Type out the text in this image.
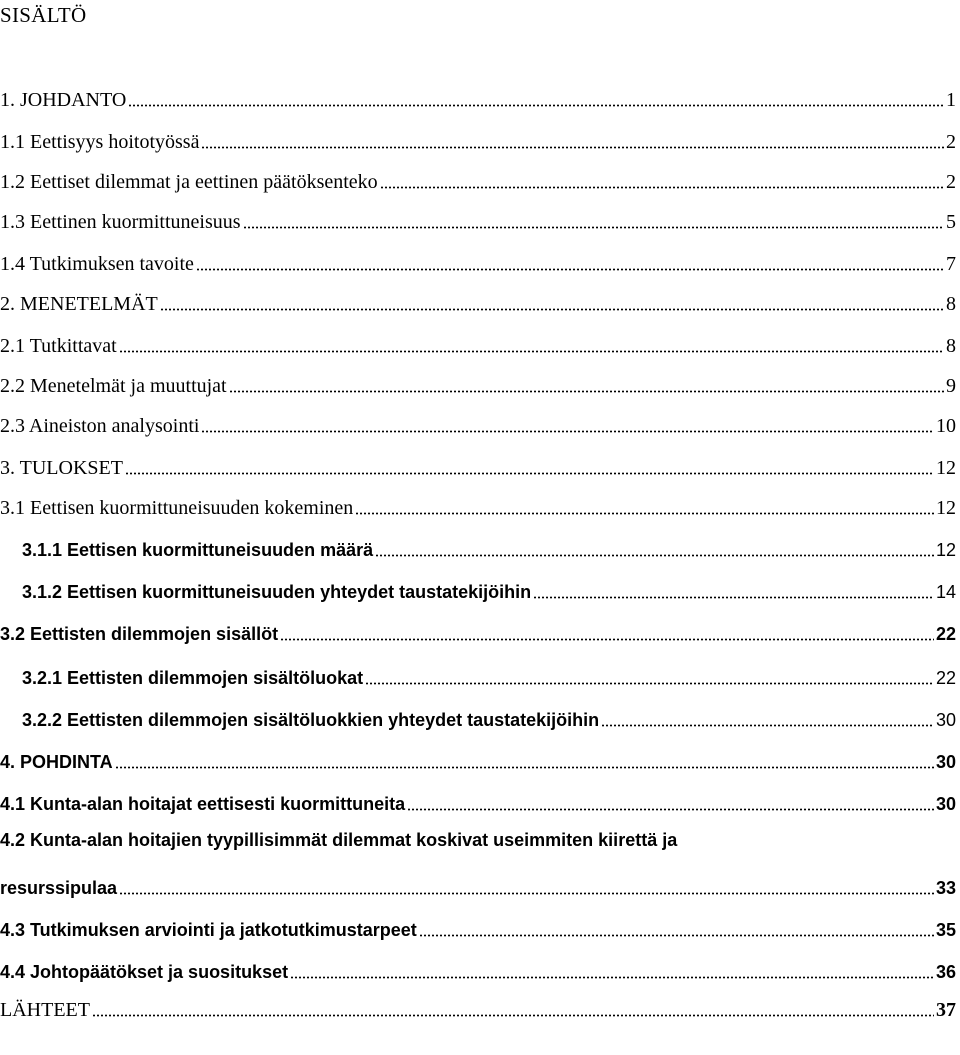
SISÄLTÖ
1. JOHDANTO	1
1.1 Eettisyys hoitotyössä	2
1.2 Eettiset dilemmat ja eettinen päätöksenteko	2
1.3 Eettinen kuormittuneisuus	5
1.4 Tutkimuksen tavoite	7
2. MENETELMÄT	8
2.1 Tutkittavat	8
2.2 Menetelmät ja muuttujat	9
2.3 Aineiston analysointi	10
3. TULOKSET	12
3.1 Eettisen kuormittuneisuuden kokeminen	12
3.1.1 Eettisen kuormittuneisuuden määrä	12
3.1.2 Eettisen kuormittuneisuuden yhteydet taustatekijöihin	14
3.2 Eettisten dilemmojen sisällöt	22
3.2.1 Eettisten dilemmojen sisältöluokat	22
3.2.2 Eettisten dilemmojen sisältöluokkien yhteydet taustatekijöihin	30
4. POHDINTA	30
4.1 Kunta-alan hoitajat eettisesti kuormittuneita	30
4.2 Kunta-alan hoitajien tyypillisimmät dilemmat koskivat useimmiten kiirettä ja
resurssipulaa	33
4.3 Tutkimuksen arviointi ja jatkotutkimustarpeet	35
4.4 Johtopäätökset ja suositukset	36
LÄHTEET	37
